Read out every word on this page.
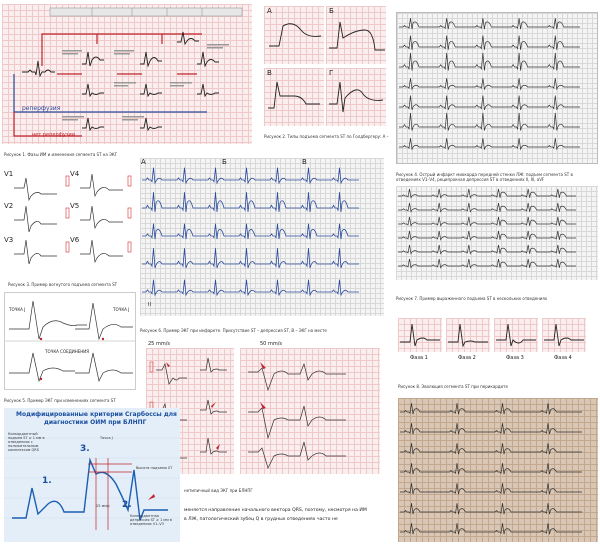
реперфузия
нет реперфузии
Рисунок 1. Фазы ИМ и изменения сегмента ST на ЭКГ
А	Б
В	Г
Рисунок 2. Типы подъема сегмента ST по Голдбергеру: А –
Рисунок 4. Острый инфаркт миокарда передней стенки ЛЖ: подъем сегмента ST в отведениях V1–V4, реципрокная депрессия ST в отведениях II, III, aVF
V1
V2
V3
V4
V5
V6
Рисунок 3. Пример вогнутого подъема сегмента ST
А	Б	В
II
Рисунок 6. Пример ЭКГ при инфаркте. Присутствие ST – депрессия ST, В – ЭКГ на месте
Рисунок 7. Пример выраженного подъема ST в нескольких отведениях
ТОЧКА J	ТОЧКА J
ТОЧКА СОЕДИНЕНИЯ
Рисунок 5. Пример ЭКГ при изменениях сегмента ST
Фаза 1	Фаза 2	Фаза 3	Фаза 4
Рисунок 8. Эволюция сегмента ST при перикардите
25 mm/s	50 mm/s
нетипичный вид ЭКГ при БЛНПГ
Модифицированные критерии Сгарбоссы для
диагностики ОИМ при БЛНПГ
1.
2.
3.
Конкордантный подъем ST ≥ 1 мм в отведениях с положительным комплексом QRS
Точка J
Высота подъема ST
25 мм/с
Конкордантная депрессия ST ≥ 1 мм в отведениях V1–V3
меняется направление начального вектора QRS, поэтому, несмотря на ИМ
в ЛЖ, патологический зубец Q в грудных отведениях часто не
